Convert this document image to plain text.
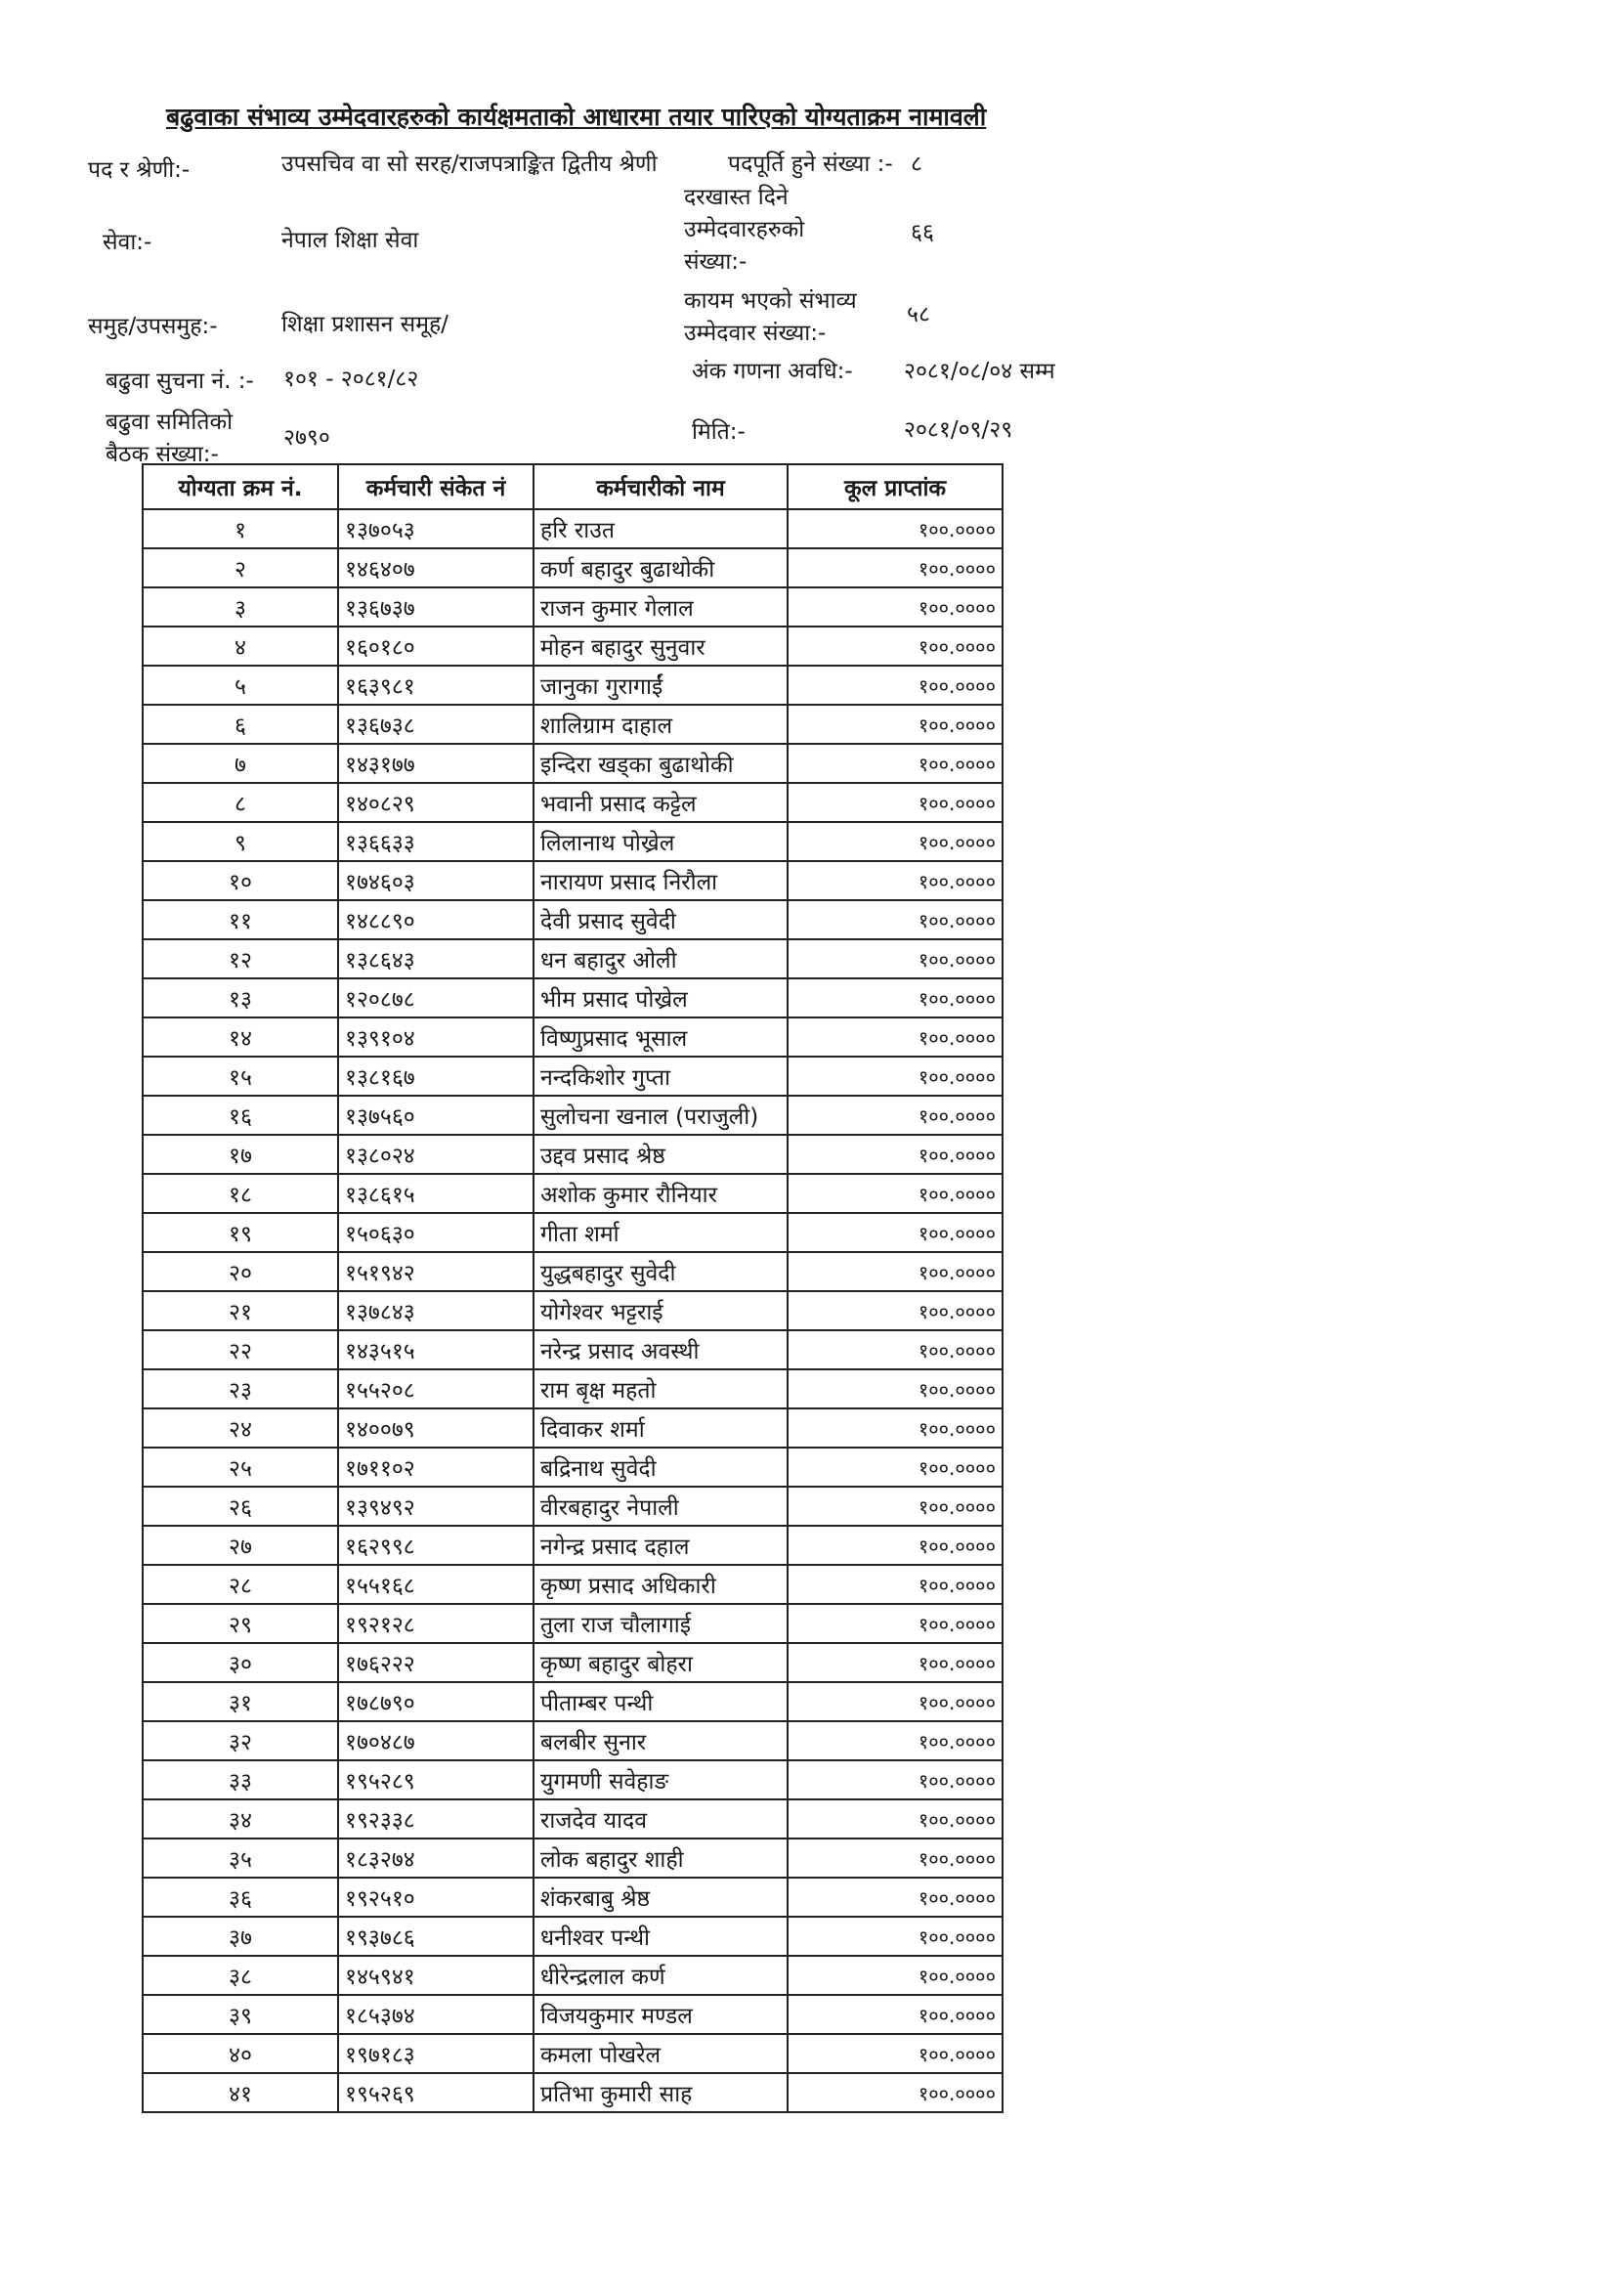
बढुवाका संभाव्य उम्मेदवारहरुको कार्यक्षमताको आधारमा तयार पारिएको योग्यताक्रम नामावली
पद र श्रेणी:-	उपसचिव वा सो सरह/राजपत्राङ्कित द्वितीय श्रेणी	पदपूर्ति हुने संख्या :- ८
सेवा:-	नेपाल शिक्षा सेवा
दरखास्त दिने
उम्मेदवारहरुको
संख्या:-
६६
समुह/उपसमुह:-	शिक्षा प्रशासन समूह/
कायम भएको संभाव्य
उम्मेदवार संख्या:-
५८
बढुवा सुचना नं. :- १०१ - २०८१/८२	अंक गणना अवधि:- २०८१/०८/०४ सम्म
बढुवा समितिको
बैठक संख्या:-
२७९०	मिति:-	२०८१/०९/२९
योग्यता क्रम नं.	कर्मचारी संकेत नं	कर्मचारीको नाम	कूल प्राप्तांक
१	१३७०५३	हरि राउत	१००.००००
२	१४६४०७	कर्ण बहादुर बुढाथोकी	१००.००००
३	१३६७३७	राजन कुमार गेलाल	१००.००००
४	१६०१८०	मोहन बहादुर सुनुवार	१००.००००
५	१६३९८१	जानुका गुरागाईं	१००.००००
६	१३६७३८	शालिग्राम दाहाल	१००.००००
७	१४३१७७	इन्दिरा खड्का बुढाथोकी	१००.००००
८	१४०८२९	भवानी प्रसाद कट्टेल	१००.००००
९	१३६६३३	लिलानाथ पोख्रेल	१००.००००
१०	१७४६०३	नारायण प्रसाद निरौला	१००.००००
११	१४८८९०	देवी प्रसाद सुवेदी	१००.००००
१२	१३८६४३	धन बहादुर ओली	१००.००००
१३	१२०८७८	भीम प्रसाद पोख्रेल	१००.००००
१४	१३९१०४	विष्णुप्रसाद भूसाल	१००.००००
१५	१३८१६७	नन्दकिशोर गुप्ता	१००.००००
१६	१३७५६०	सुलोचना खनाल (पराजुली)	१००.००००
१७	१३८०२४	उद्दव प्रसाद श्रेष्ठ	१००.००००
१८	१३८६१५	अशोक कुमार रौनियार	१००.००००
१९	१५०६३०	गीता शर्मा	१००.००००
२०	१५१९४२	युद्धबहादुर सुवेदी	१००.००००
२१	१३७८४३	योगेश्वर भट्टराई	१००.००००
२२	१४३५१५	नरेन्द्र प्रसाद अवस्थी	१००.००००
२३	१५५२०८	राम बृक्ष महतो	१००.००००
२४	१४००७९	दिवाकर शर्मा	१००.००००
२५	१७११०२	बद्रिनाथ सुवेदी	१००.००००
२६	१३९४९२	वीरबहादुर नेपाली	१००.००००
२७	१६२९९८	नगेन्द्र प्रसाद दहाल	१००.००००
२८	१५५१६८	कृष्ण प्रसाद अधिकारी	१००.००००
२९	१९२१२८	तुला राज चौलागाई	१००.००००
३०	१७६२२२	कृष्ण बहादुर बोहरा	१००.००००
३१	१७८७९०	पीताम्बर पन्थी	१००.००००
३२	१७०४८७	बलबीर सुनार	१००.००००
३३	१९५२८९	युगमणी सवेहाङ	१००.००००
३४	१९२३३८	राजदेव यादव	१००.००००
३५	१८३२७४	लोक बहादुर शाही	१००.००००
३६	१९२५१०	शंकरबाबु श्रेष्ठ	१००.००००
३७	१९३७८६	धनीश्वर पन्थी	१००.००००
३८	१४५९४१	धीरेन्द्रलाल कर्ण	१००.००००
३९	१८५३७४	विजयकुमार मण्डल	१००.००००
४०	१९७१८३	कमला पोखरेल	१००.००००
४१	१९५२६९	प्रतिभा कुमारी साह	१००.००००
